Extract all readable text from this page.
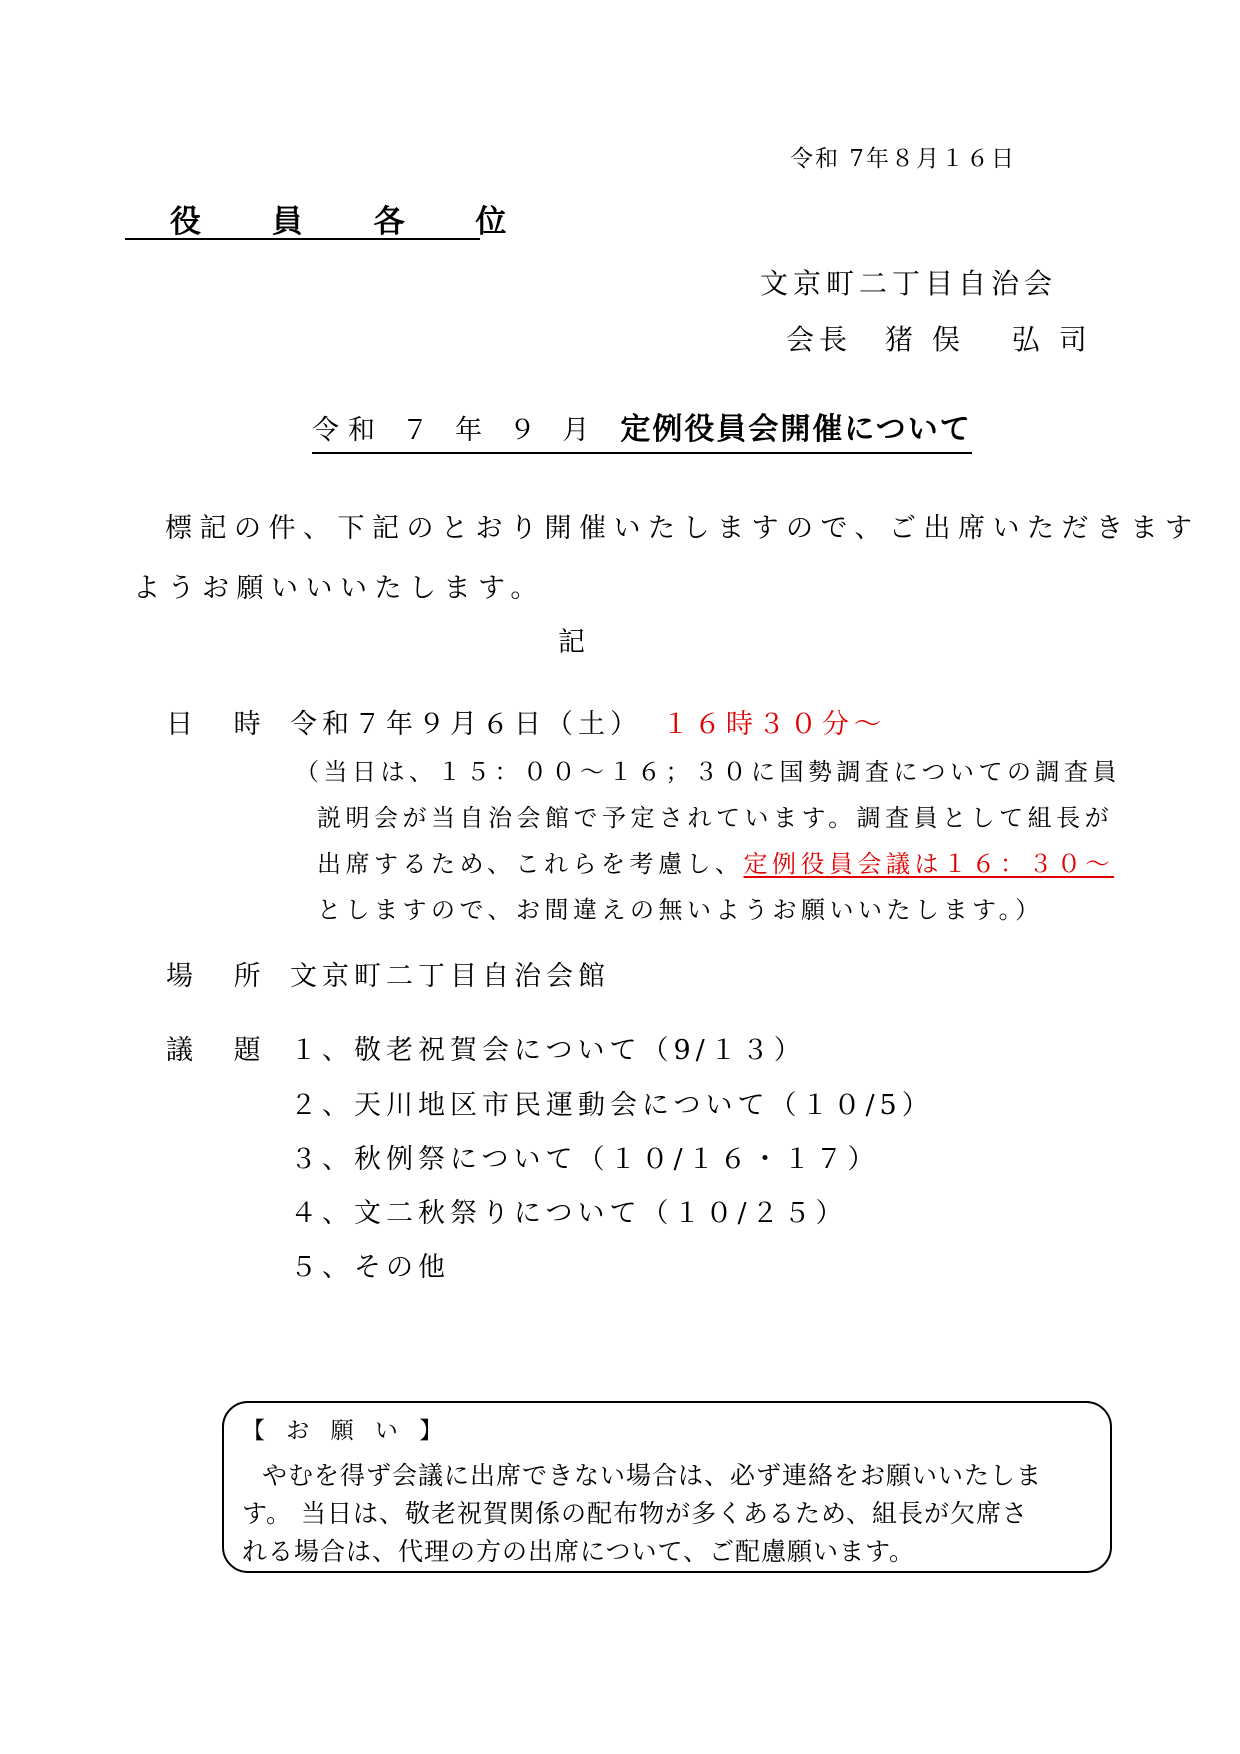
令和 7年８月１６日
役 員 各 位
文京町二丁目自治会
会長　猪 俣　 弘 司
令和 ７ 年 ９ 月 定例役員会開催について
標記の件、下記のとおり開催いたしますので、ご出席いただきます
ようお願いいいたします。
記
日 時 令和７年９月６日（土） １６時３０分～
（当日は、１５：００～１６；３０に国勢調査についての調査員
説明会が当自治会館で予定されています。調査員として組長が
出席するため、これらを考慮し、定例役員会議は１６：３０～
としますので、お間違えの無いようお願いいたします。）
場 所 文京町二丁目自治会館
議 題 １、敬老祝賀会について（9/１３）
２、天川地区市民運動会について（１０/5）
３、秋例祭について（１０/１６・１７）
４、文二秋祭りについて（１０/２５）
５、その他
【 お 願 い 】
やむを得ず会議に出席できない場合は、必ず連絡をお願いいたしま
す。 当日は、敬老祝賀関係の配布物が多くあるため、組長が欠席さ
れる場合は、代理の方の出席について、ご配慮願います。
